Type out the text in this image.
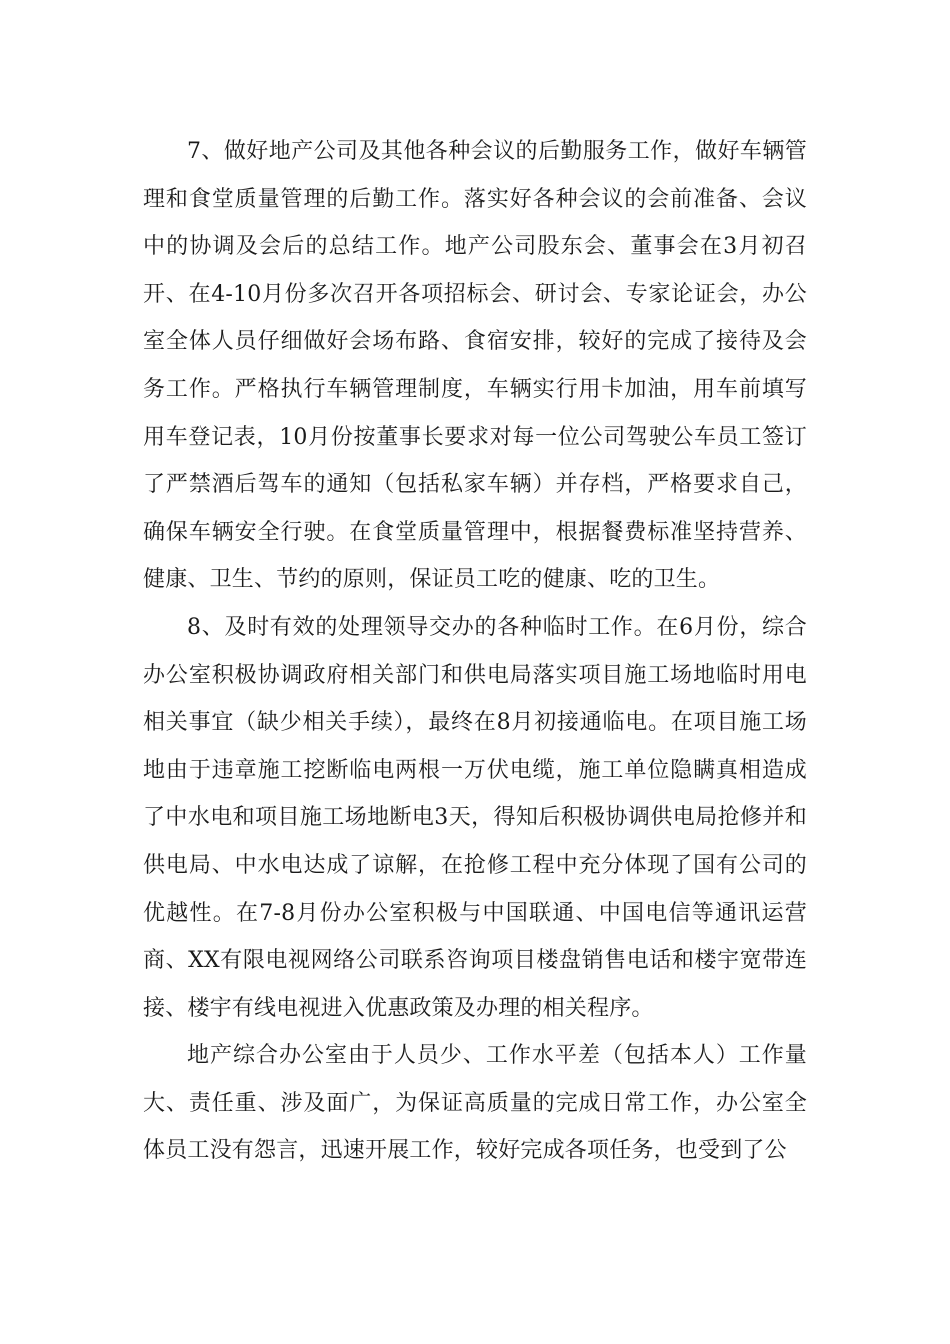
7、做好地产公司及其他各种会议的后勤服务工作，做好车辆管理和食堂质量管理的后勤工作。落实好各种会议的会前准备、会议中的协调及会后的总结工作。地产公司股东会、董事会在3月初召开、在4-10月份多次召开各项招标会、研讨会、专家论证会，办公室全体人员仔细做好会场布路、食宿安排，较好的完成了接待及会务工作。严格执行车辆管理制度，车辆实行用卡加油，用车前填写用车登记表，10月份按董事长要求对每一位公司驾驶公车员工签订了严禁酒后驾车的通知（包括私家车辆）并存档，严格要求自己，确保车辆安全行驶。在食堂质量管理中，根据餐费标准坚持营养、健康、卫生、节约的原则，保证员工吃的健康、吃的卫生。

8、及时有效的处理领导交办的各种临时工作。在6月份，综合办公室积极协调政府相关部门和供电局落实项目施工场地临时用电相关事宜（缺少相关手续），最终在8月初接通临电。在项目施工场地由于违章施工挖断临电两根一万伏电缆，施工单位隐瞒真相造成了中水电和项目施工场地断电3天，得知后积极协调供电局抢修并和供电局、中水电达成了谅解，在抢修工程中充分体现了国有公司的优越性。在7-8月份办公室积极与中国联通、中国电信等通讯运营商、XX有限电视网络公司联系咨询项目楼盘销售电话和楼宇宽带连接、楼宇有线电视进入优惠政策及办理的相关程序。

地产综合办公室由于人员少、工作水平差（包括本人）工作量大、责任重、涉及面广，为保证高质量的完成日常工作，办公室全体员工没有怨言，迅速开展工作，较好完成各项任务，也受到了公
